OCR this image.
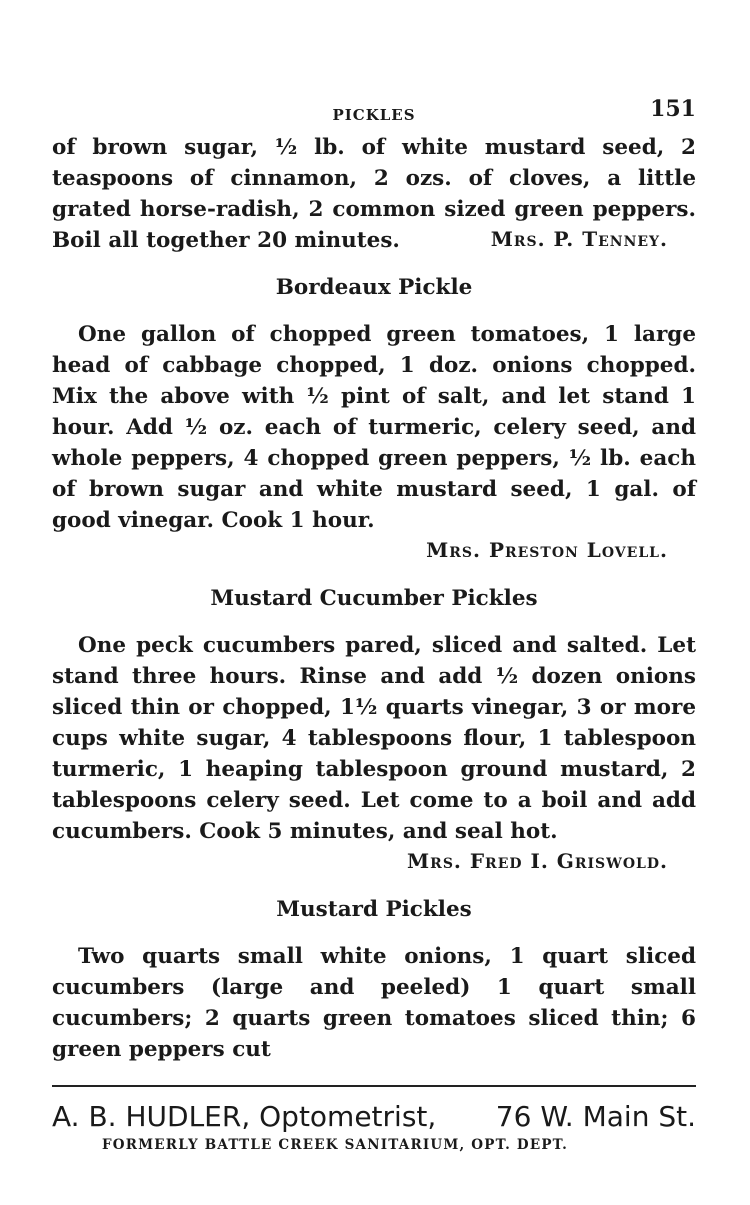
PICKLES	151

of brown sugar, ½ lb. of white mustard seed, 2 teaspoons of cinnamon, 2 ozs. of cloves, a little grated horse-radish, 2 common sized green peppers. Boil all together 20 minutes.	Mrs. P. Tenney.
Bordeaux Pickle

One gallon of chopped green tomatoes, 1 large head of cabbage chopped, 1 doz. onions chopped. Mix the above with ½ pint of salt, and let stand 1 hour. Add ½ oz. each of turmeric, celery seed, and whole peppers, 4 chopped green peppers, ½ lb. each of brown sugar and white mustard seed, 1 gal. of good vinegar. Cook 1 hour.

Mrs. Preston Lovell.
Mustard Cucumber Pickles

One peck cucumbers pared, sliced and salted. Let stand three hours. Rinse and add ½ dozen onions sliced thin or chopped, 1½ quarts vinegar, 3 or more cups white sugar, 4 tablespoons flour, 1 tablespoon turmeric, 1 heaping tablespoon ground mustard, 2 tablespoons celery seed. Let come to a boil and add cucumbers. Cook 5 minutes, and seal hot.

Mrs. Fred I. Griswold.
Mustard Pickles

Two quarts small white onions, 1 quart sliced cucumbers (large and peeled) 1 quart small cucumbers; 2 quarts green tomatoes sliced thin; 6 green peppers cut

A. B. HUDLER, Optometrist, 76 W. Main St.
FORMERLY BATTLE CREEK SANITARIUM, OPT. DEPT.
